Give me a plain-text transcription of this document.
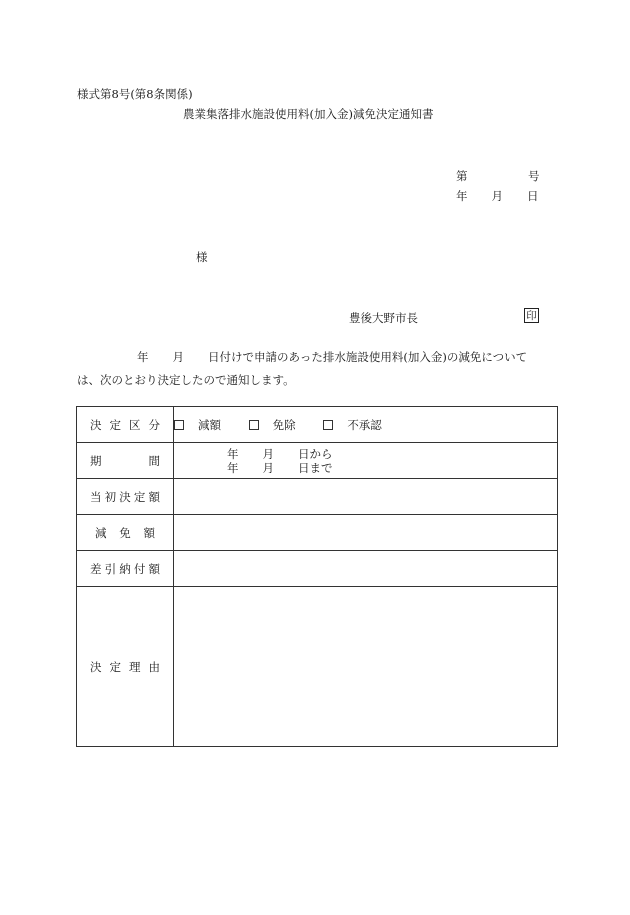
様式第8号(第8条関係)
農業集落排水施設使用料(加入金)減免決定通知書
第	号
年 月 日
様
豊後大野市長	印
年 月 日付けで申請のあった排水施設使用料(加入金)の減免について
は、次のとおり決定したので通知します。
決定区分	減額 免除 不承認
期間	年 月 日から
年 月 日まで

当初決定額	
減免額	
差引納付額	
決定理由	
